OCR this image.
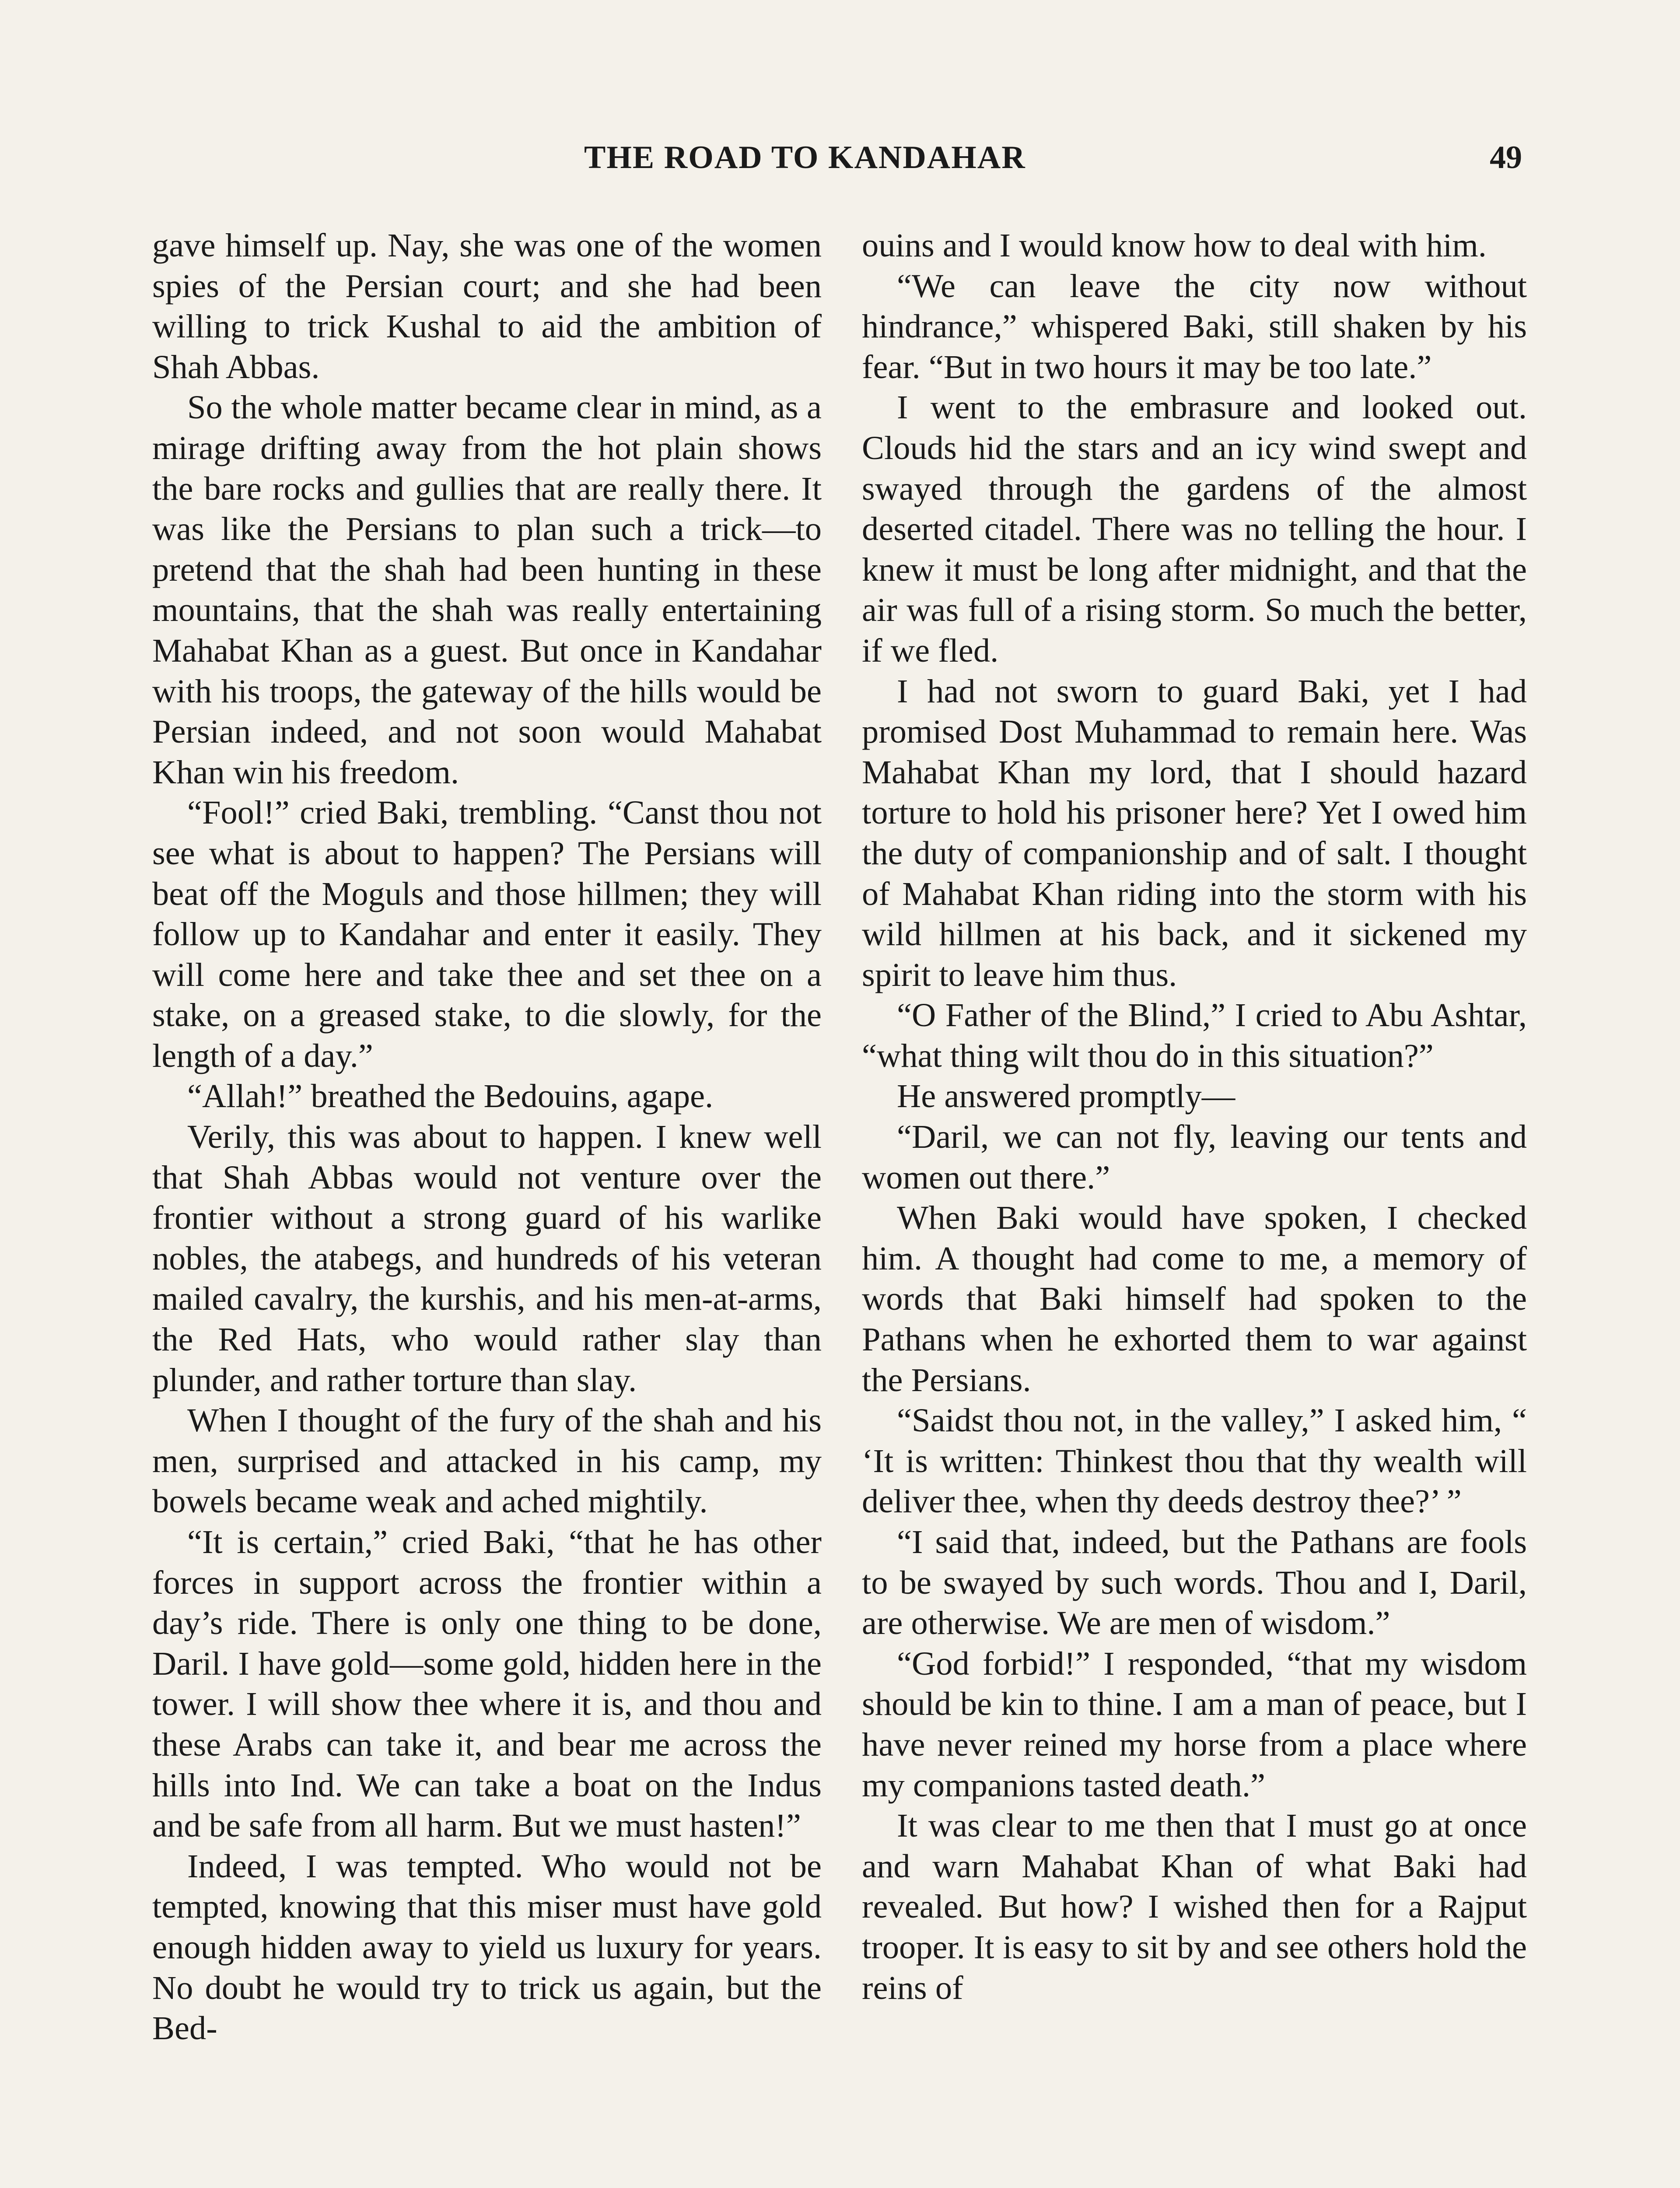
THE ROAD TO KANDAHAR	49

gave himself up. Nay, she was one of the women spies of the Persian court; and she had been willing to trick Kushal to aid the ambition of Shah Abbas.

So the whole matter became clear in mind, as a mirage drifting away from the hot plain shows the bare rocks and gullies that are really there. It was like the Persians to plan such a trick—to pretend that the shah had been hunting in these mountains, that the shah was really entertaining Mahabat Khan as a guest. But once in Kandahar with his troops, the gateway of the hills would be Persian indeed, and not soon would Mahabat Khan win his freedom.

“Fool!” cried Baki, trembling. “Canst thou not see what is about to happen? The Persians will beat off the Moguls and those hillmen; they will follow up to Kandahar and enter it easily. They will come here and take thee and set thee on a stake, on a greased stake, to die slowly, for the length of a day.”

“Allah!” breathed the Bedouins, agape.

Verily, this was about to happen. I knew well that Shah Abbas would not venture over the frontier without a strong guard of his warlike nobles, the atabegs, and hundreds of his veteran mailed cavalry, the kurshis, and his men-at-arms, the Red Hats, who would rather slay than plunder, and rather torture than slay.

When I thought of the fury of the shah and his men, surprised and attacked in his camp, my bowels became weak and ached mightily.

“It is certain,” cried Baki, “that he has other forces in support across the frontier within a day’s ride. There is only one thing to be done, Daril. I have gold—some gold, hidden here in the tower. I will show thee where it is, and thou and these Arabs can take it, and bear me across the hills into Ind. We can take a boat on the Indus and be safe from all harm. But we must hasten!”

Indeed, I was tempted. Who would not be tempted, knowing that this miser must have gold enough hidden away to yield us luxury for years. No doubt he would try to trick us again, but the Bed-

ouins and I would know how to deal with him.

“We can leave the city now without hindrance,” whispered Baki, still shaken by his fear. “But in two hours it may be too late.”

I went to the embrasure and looked out. Clouds hid the stars and an icy wind swept and swayed through the gardens of the almost deserted citadel. There was no telling the hour. I knew it must be long after midnight, and that the air was full of a rising storm. So much the better, if we fled.

I had not sworn to guard Baki, yet I had promised Dost Muhammad to remain here. Was Mahabat Khan my lord, that I should hazard torture to hold his prisoner here? Yet I owed him the duty of companionship and of salt. I thought of Mahabat Khan riding into the storm with his wild hillmen at his back, and it sickened my spirit to leave him thus.

“O Father of the Blind,” I cried to Abu Ashtar, “what thing wilt thou do in this situation?”

He answered promptly—

“Daril, we can not fly, leaving our tents and women out there.”

When Baki would have spoken, I checked him. A thought had come to me, a memory of words that Baki himself had spoken to the Pathans when he exhorted them to war against the Persians.

“Saidst thou not, in the valley,” I asked him, “ ‘It is written: Thinkest thou that thy wealth will deliver thee, when thy deeds destroy thee?’ ”

“I said that, indeed, but the Pathans are fools to be swayed by such words. Thou and I, Daril, are otherwise. We are men of wisdom.”

“God forbid!” I responded, “that my wisdom should be kin to thine. I am a man of peace, but I have never reined my horse from a place where my companions tasted death.”

It was clear to me then that I must go at once and warn Mahabat Khan of what Baki had revealed. But how? I wished then for a Rajput trooper. It is easy to sit by and see others hold the reins of
